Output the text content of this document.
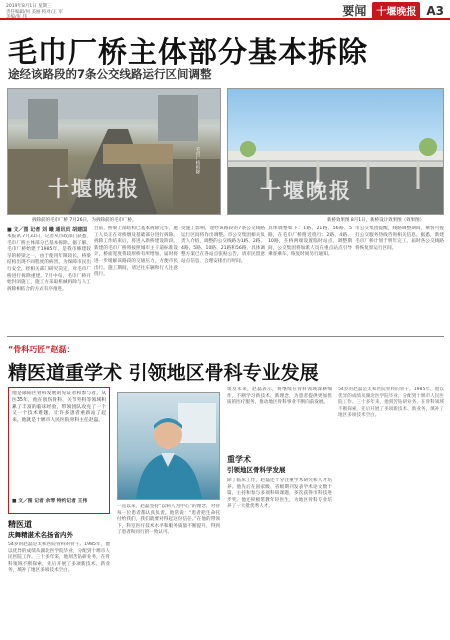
2019年8月1日 星期三
责任编辑/何 美丽 校对/王 军
	要闻	十堰晚报 A3
毛巾厂桥主体部分基本拆除
途经该路段的7条公交线路运行区间调整
十堰晚报
毛巾厂桥拆除
拆除前的毛巾厂桥 7月26日，为拆除前的毛巾厂桥。
十堰晚报
新桥效果图 8月1日，新桥设计效果图（效果图）
■ 文／图 记者 刘 曦 通讯员 胡建国
本报讯 7月31日，记者从市政部门获悉，毛巾厂桥主体部分已基本拆除。据了解，毛巾厂桥始建于1985年，是我市修建较早的桥梁之一，由于使用年限较长，桥梁结构出现不同程度的病害。为保障市民出行安全，经相关部门研究决定，对毛巾厂桥进行拆除重建。7月中旬，毛巾厂桥开始封闭施工，施工方采取机械拆除与人工拆除相结合的方式有序推进。
目前，桥梁上部结构已基本拆除完毕，施工人员正在对桥墩及基础部分进行拆除。拆除工作结束后，将进入新桥建设阶段。新建的毛巾厂桥将按照城市主干道标准设计，桥面宽度将较原桥有所增加，届时将进一步缓解该路段的交通压力，方便市民出行。施工期间，请过往车辆和行人注意绕行。
受施工影响，途经该路段的7条公交线路运行区间将作出调整。市公交集团相关负责人介绍，调整的公交线路为1路、2路、4路、5路、10路、21路和56路，具体调整方案已在各站点张贴公告，请市民留意站点信息，合理安排出行时间。
具体调整如下：1路、21路、56路、5路，在毛巾厂桥附近绕行；2路、4路、10路，在桥两端设置临时站点。调整期间，公交集团将加派人员在重点站点引导乘客乘车。恢复时间另行通知。
市公交集团提醒，线路调整期间，乘客可拨打公交服务热线咨询相关信息。据悉，新建毛巾厂桥计划于明年完工，届时各公交线路将恢复原运行区间。
“骨科巧匠”赵磊：
精医道重学术 引领地区骨科专业发展
他是郧阳区骨科发展的见证者和参与者，从医35年，他在创伤骨科、关节外科等领域积累了丰富的临床经验，带领团队攻克了一个又一个技术难题，让许多患者重新站了起来。他就是十堰市人民医院骨科主任赵磊。
■ 文／图 记者 余琴 特约记者 王伟
精医道
庆舞精湛术名扬省内外
54岁的赵磊是太和医院骨科的骨干。1985年，他以优异的成绩从湖北医学院毕业，分配到十堰市人民医院工作。三十多年来，他刻苦钻研业务，在骨科领域不断探索，先后开展了多项新技术、新业务，填补了地区多项技术空白。
一直以来，赵磊坚持“以病人为中心”的理念，对待每一位患者都认真负责。他常说：“患者把生命托付给我们，我们就要对得起这份信任。”在他的带领下，科室医疗技术水平和服务质量不断提升，得到了患者和同行的一致认可。
谈及未来，赵磊表示，将继续在骨科领域深耕细作，不断学习新技术、新理念，为患者提供更加优质的医疗服务，推动地区骨科事业不断向前发展。
重学术
引领地区骨科学发展
除了临床工作，赵磊还十分注重学术研究和人才培养。他先后在国家级、省级期刊发表学术论文数十篇，主持和参与多项科研课题，多次获得市科技进步奖。他还积极带教年轻医生，为地区骨科专业培养了一大批优秀人才。
54岁的赵磊是太和医院骨科的骨干。1985年，他以优异的成绩从湖北医学院毕业，分配到十堰市人民医院工作。三十多年来，他刻苦钻研业务，在骨科领域不断探索，先后开展了多项新技术、新业务，填补了地区多项技术空白。
